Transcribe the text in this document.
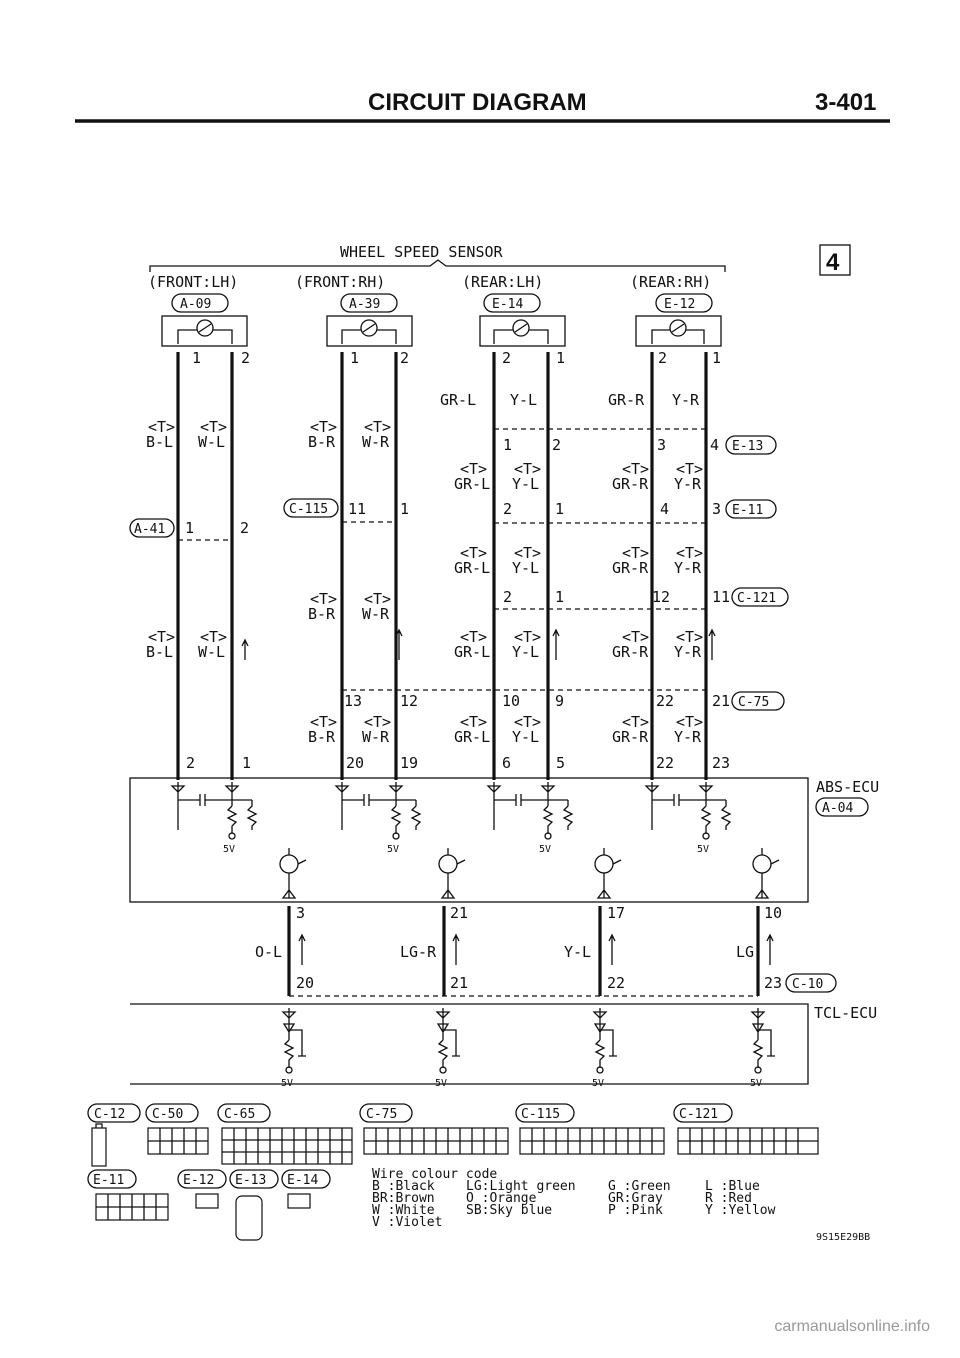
CIRCUIT DIAGRAM	3-401
WHEEL SPEED SENSOR	4
(FRONT:LH)	(FRONT:RH)	(REAR:LH)	(REAR:RH)
A-09	A-39	E-14	E-12
1	2	1	2	2	1	2	1
GR-L Y-L	GR-R Y-R
<T> <T>
B-L W-L
<T> <T>
B-R W-R	1	2	3	4 E-13
<T> <T>
GR-L Y-L
<T> <T>
GR-R Y-R
C-115 11 1	2	1	4	3 E-11
A-41 1	2
<T> <T>
GR-L Y-L
<T> <T>
GR-R Y-R
2	1	12	11 C-121
<T> <T>
B-R W-R
<T> <T>
B-L W-L
<T> <T>
GR-L Y-L
<T> <T>
GR-R Y-R
13	12	10 9	22	21 C-75
<T> <T>
B-R W-R
<T> <T>
GR-L Y-L
<T> <T>
GR-R Y-R
2	1	20 19	6	5	22	23
ABS-ECU
A-04
5V	5V	5V	5V
3	21	17	10
O-L	LG-R	Y-L	LG
20	21	22	23 C-10
TCL-ECU
5V	5V	5V	5V
C-12 C-50	C-65	C-75	C-115	C-121
E-11	E-12 E-13 E-14	Wire colour code
B :Black
BR:Brown
W :White
V :Violet
LG:Light green
O :Orange
SB:Sky blue
G :Green
GR:Gray
P :Pink
L :Blue
R :Red
Y :Yellow
9S15E29BB
carmanualsonline.info
